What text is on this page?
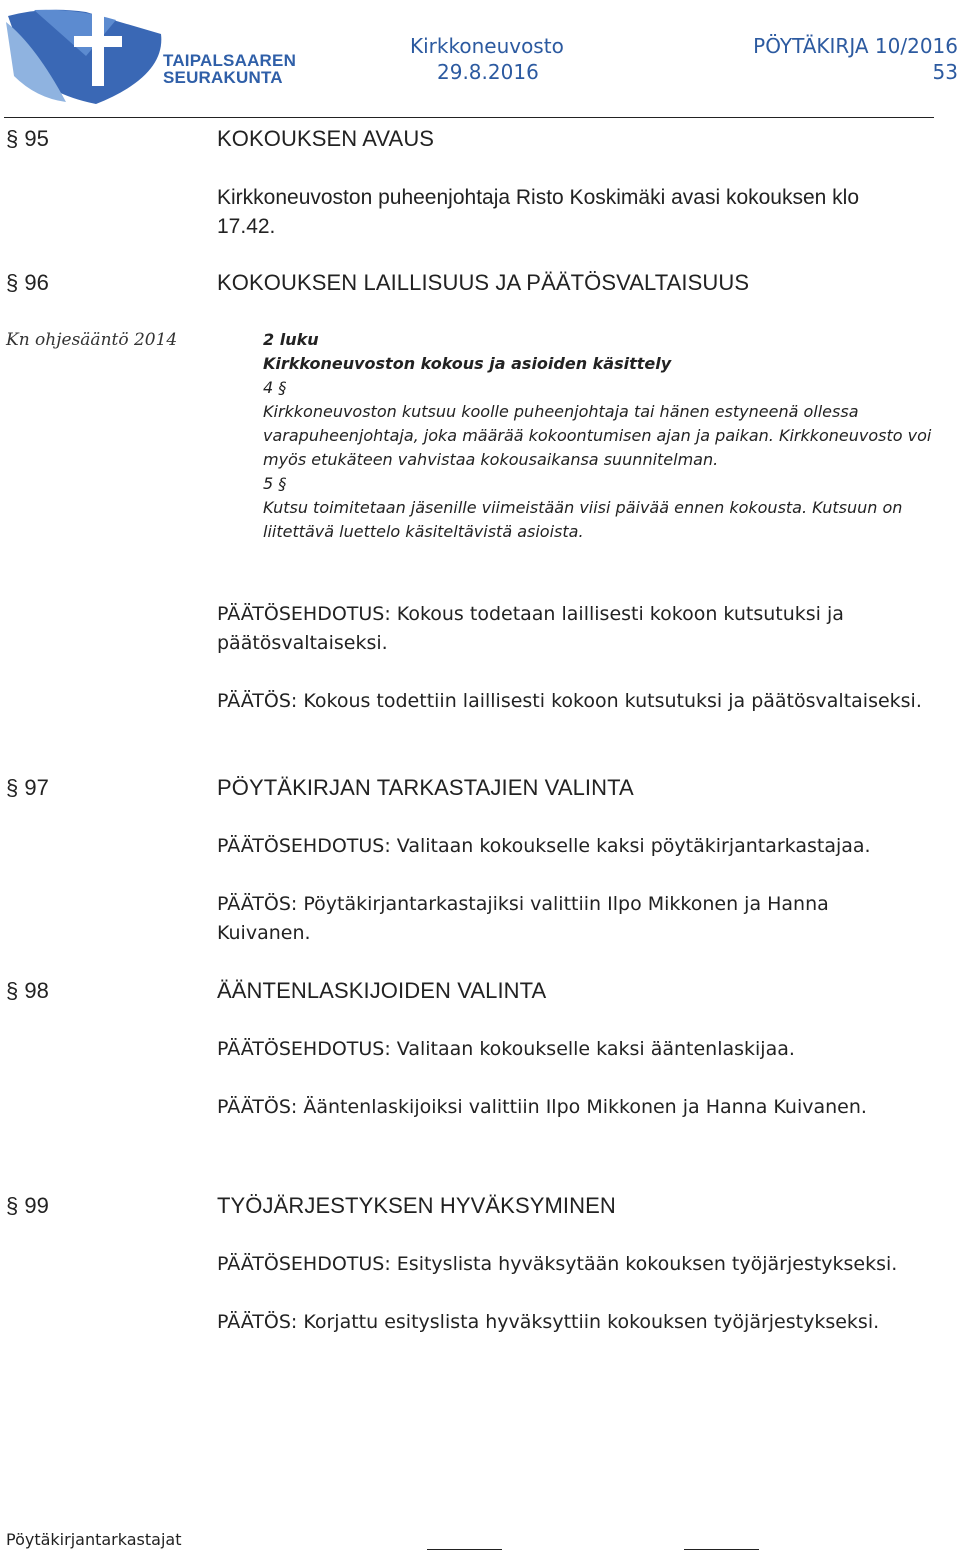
TAIPALSAAREN
SEURAKUNTA
Kirkkoneuvosto
29.8.2016
PÖYTÄKIRJA 10/2016
53
§ 95	KOKOUKSEN AVAUS
Kirkkoneuvoston puheenjohtaja Risto Koskimäki avasi kokouksen klo 17.42.
§ 96	KOKOUKSEN LAILLISUUS JA PÄÄTÖSVALTAISUUS
Kn ohjesääntö 2014	2 luku
Kirkkoneuvoston kokous ja asioiden käsittely
4 §
Kirkkoneuvoston kutsuu koolle puheenjohtaja tai hänen estyneenä ollessa varapuheenjohtaja, joka määrää kokoontumisen ajan ja paikan. Kirkkoneuvosto voi myös etukäteen vahvistaa kokousaikansa suunnitelman.
5 §
Kutsu toimitetaan jäsenille viimeistään viisi päivää ennen kokousta. Kutsuun on liitettävä luettelo käsiteltävistä asioista.
PÄÄTÖSEHDOTUS: Kokous todetaan laillisesti kokoon kutsutuksi ja päätösvaltaiseksi.
PÄÄTÖS: Kokous todettiin laillisesti kokoon kutsutuksi ja päätösvaltaiseksi.
§ 97	PÖYTÄKIRJAN TARKASTAJIEN VALINTA
PÄÄTÖSEHDOTUS: Valitaan kokoukselle kaksi pöytäkirjantarkastajaa.
PÄÄTÖS: Pöytäkirjantarkastajiksi valittiin Ilpo Mikkonen ja Hanna Kuivanen.
§ 98	ÄÄNTENLASKIJOIDEN VALINTA
PÄÄTÖSEHDOTUS: Valitaan kokoukselle kaksi ääntenlaskijaa.
PÄÄTÖS: Ääntenlaskijoiksi valittiin Ilpo Mikkonen ja Hanna Kuivanen.
§ 99	TYÖJÄRJESTYKSEN HYVÄKSYMINEN
PÄÄTÖSEHDOTUS: Esityslista hyväksytään kokouksen työjärjestykseksi.
PÄÄTÖS: Korjattu esityslista hyväksyttiin kokouksen työjärjestykseksi.
Pöytäkirjantarkastajat
